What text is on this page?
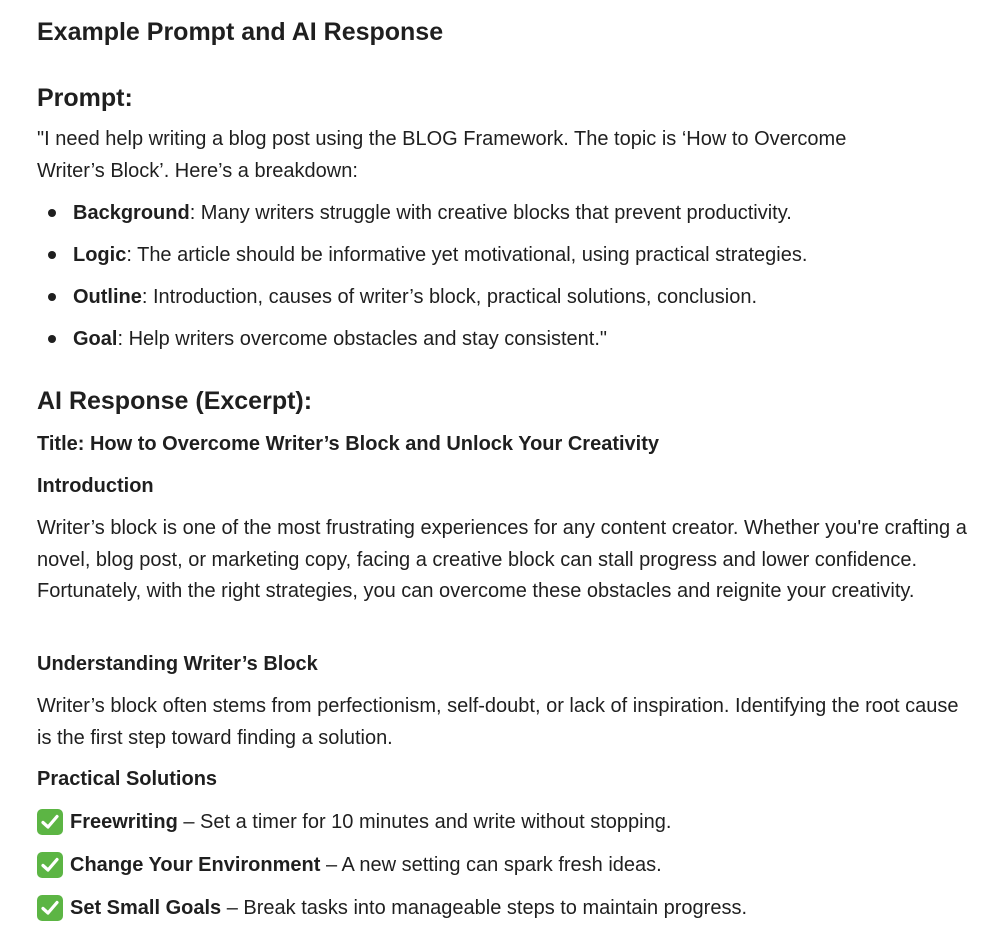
Example Prompt and AI Response
Prompt:

"I need help writing a blog post using the BLOG Framework. The topic is ‘How to Overcome
Writer’s Block’. Here’s a breakdown:

Background: Many writers struggle with creative blocks that prevent productivity.
Logic: The article should be informative yet motivational, using practical strategies.
Outline: Introduction, causes of writer’s block, practical solutions, conclusion.
Goal: Help writers overcome obstacles and stay consistent."
AI Response (Excerpt):
Title: How to Overcome Writer’s Block and Unlock Your Creativity
Introduction

Writer’s block is one of the most frustrating experiences for any content creator. Whether you're crafting a novel, blog post, or marketing copy, facing a creative block can stall progress and lower confidence. Fortunately, with the right strategies, you can overcome these obstacles and reignite your creativity.

Understanding Writer’s Block

Writer’s block often stems from perfectionism, self-doubt, or lack of inspiration. Identifying the root cause is the first step toward finding a solution.

Practical Solutions
Freewriting – Set a timer for 10 minutes and write without stopping.
Change Your Environment – A new setting can spark fresh ideas.
Set Small Goals – Break tasks into manageable steps to maintain progress.
